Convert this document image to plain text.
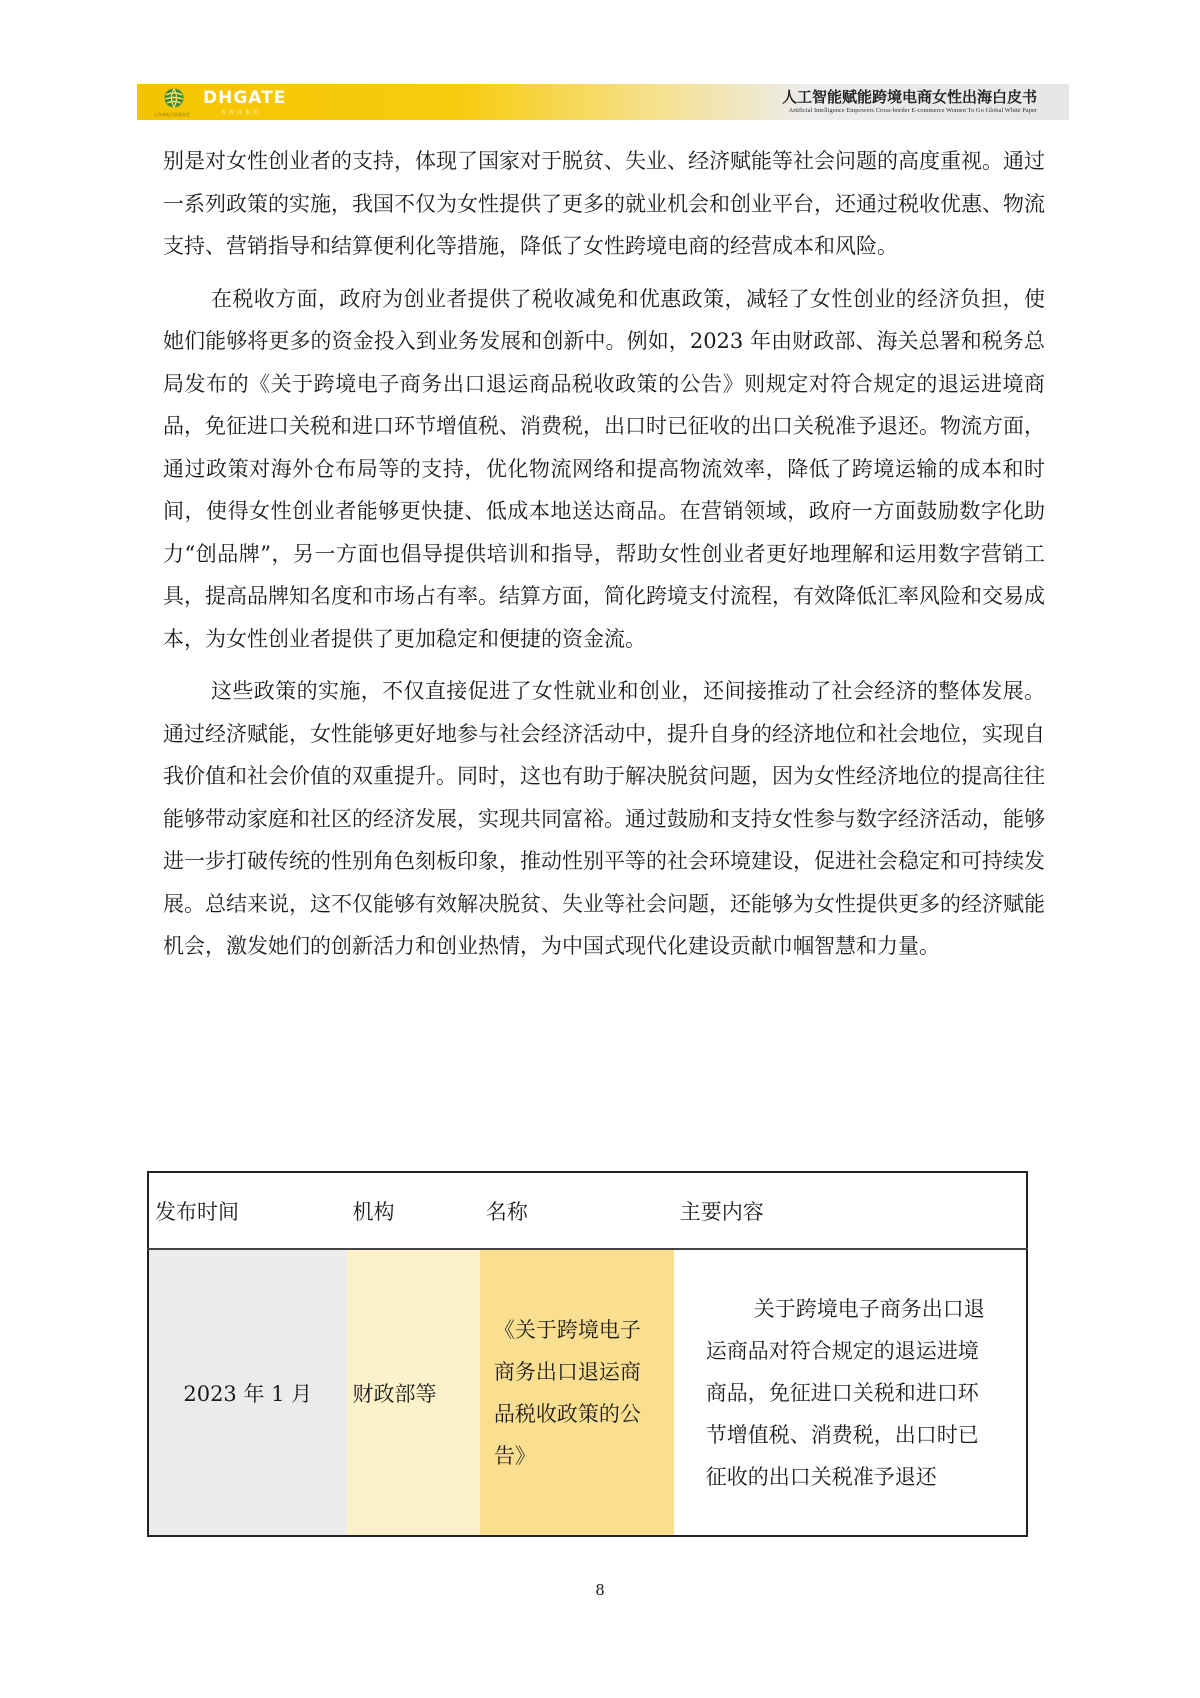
山东省电子商务协会
DHGATE
敦煌网集团
人工智能赋能跨境电商女性出海白皮书
Artificial Intelligence Empowers Cross-border E-commerce Women To Go Global White Paper

别是对女性创业者的支持，体现了国家对于脱贫、失业、经济赋能等社会问题的高度重视。通过一系列政策的实施，我国不仅为女性提供了更多的就业机会和创业平台，还通过税收优惠、物流支持、营销指导和结算便利化等措施，降低了女性跨境电商的经营成本和风险。

在税收方面，政府为创业者提供了税收减免和优惠政策，减轻了女性创业的经济负担，使她们能够将更多的资金投入到业务发展和创新中。例如，2023 年由财政部、海关总署和税务总局发布的《关于跨境电子商务出口退运商品税收政策的公告》则规定对符合规定的退运进境商品，免征进口关税和进口环节增值税、消费税，出口时已征收的出口关税准予退还。物流方面，通过政策对海外仓布局等的支持，优化物流网络和提高物流效率，降低了跨境运输的成本和时间，使得女性创业者能够更快捷、低成本地送达商品。在营销领域，政府一方面鼓励数字化助力“创品牌”，另一方面也倡导提供培训和指导，帮助女性创业者更好地理解和运用数字营销工具，提高品牌知名度和市场占有率。结算方面，简化跨境支付流程，有效降低汇率风险和交易成本，为女性创业者提供了更加稳定和便捷的资金流。

这些政策的实施，不仅直接促进了女性就业和创业，还间接推动了社会经济的整体发展。通过经济赋能，女性能够更好地参与社会经济活动中，提升自身的经济地位和社会地位，实现自我价值和社会价值的双重提升。同时，这也有助于解决脱贫问题，因为女性经济地位的提高往往能够带动家庭和社区的经济发展，实现共同富裕。通过鼓励和支持女性参与数字经济活动，能够进一步打破传统的性别角色刻板印象，推动性别平等的社会环境建设，促进社会稳定和可持续发展。总结来说，这不仅能够有效解决脱贫、失业等社会问题，还能够为女性提供更多的经济赋能机会，激发她们的创新活力和创业热情，为中国式现代化建设贡献巾帼智慧和力量。

发布时间	机构	名称	主要内容
2023 年 1 月	财政部等	《关于跨境电子商务出口退运商品税收政策的公告》	关于跨境电子商务出口退运商品对符合规定的退运进境商品，免征进口关税和进口环节增值税、消费税，出口时已征收的出口关税准予退还
8
